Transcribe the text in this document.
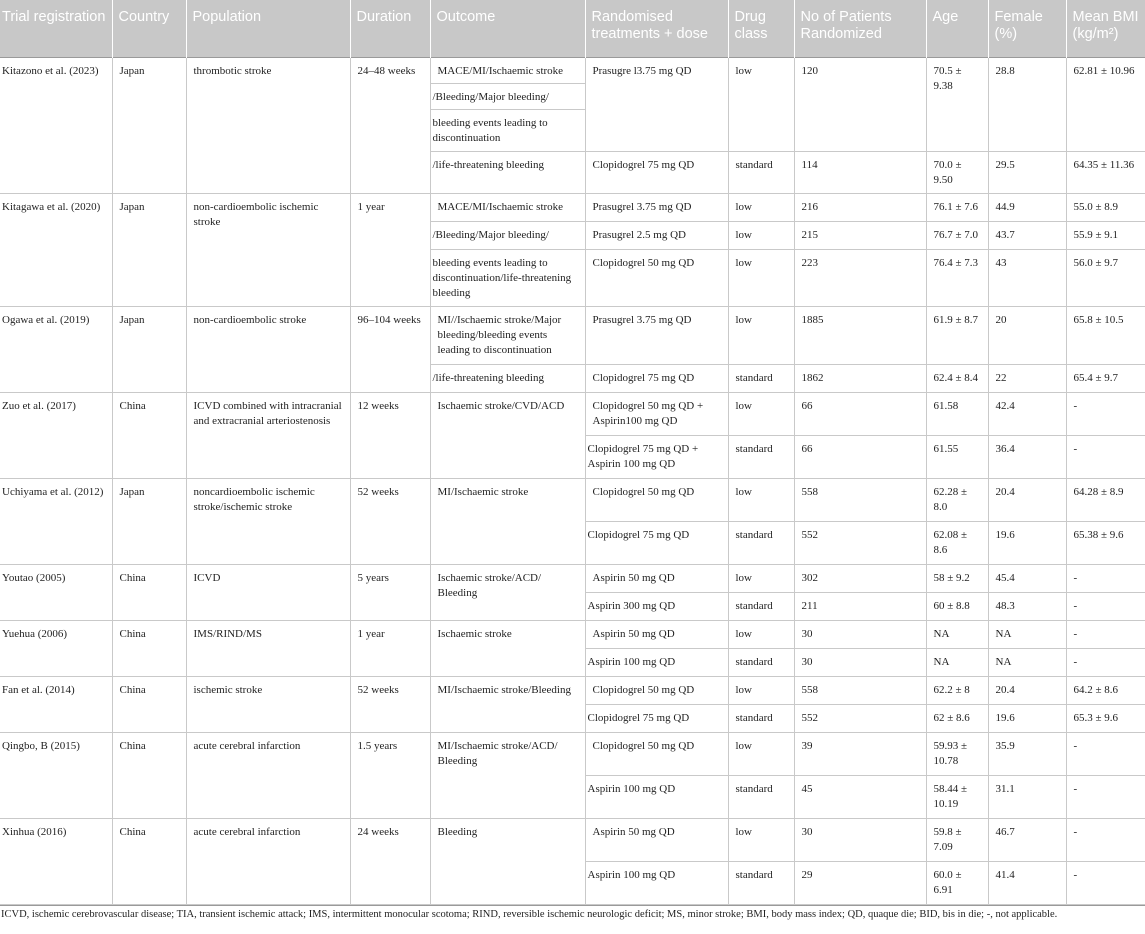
Trial registration	Country	Population	Duration	Outcome	Randomised treatments + dose	Drug class	No of Patients Randomized	Age	Female (%)	Mean BMI (kg/m²)
Kitazono et al. (2023)	Japan	thrombotic stroke	24–48 weeks	MACE/MI/Ischaemic stroke	Prasugre l3.75 mg QD	low	120	70.5 ± 9.38	28.8	62.81 ± 10.96
				/Bleeding/Major bleeding/						
				bleeding events leading to discontinuation						
				/life-threatening bleeding	Clopidogrel 75 mg QD	standard	114	70.0 ± 9.50	29.5	64.35 ± 11.36
Kitagawa et al. (2020)	Japan	non-cardioembolic ischemic stroke	1 year	MACE/MI/Ischaemic stroke	Prasugrel 3.75 mg QD	low	216	76.1 ± 7.6	44.9	55.0 ± 8.9
				/Bleeding/Major bleeding/	Prasugrel 2.5 mg QD	low	215	76.7 ± 7.0	43.7	55.9 ± 9.1
				bleeding events leading to discontinuation/life-threatening bleeding	Clopidogrel 50 mg QD	low	223	76.4 ± 7.3	43	56.0 ± 9.7
Ogawa et al. (2019)	Japan	non-cardioembolic stroke	96–104 weeks	MI//Ischaemic stroke/Major bleeding/bleeding events leading to discontinuation	Prasugrel 3.75 mg QD	low	1885	61.9 ± 8.7	20	65.8 ± 10.5
				/life-threatening bleeding	Clopidogrel 75 mg QD	standard	1862	62.4 ± 8.4	22	65.4 ± 9.7
Zuo et al. (2017)	China	ICVD combined with intracranial and extracranial arteriostenosis	12 weeks	Ischaemic stroke/CVD/ACD	Clopidogrel 50 mg QD + Aspirin100 mg QD	low	66	61.58	42.4	-
					Clopidogrel 75 mg QD + Aspirin 100 mg QD	standard	66	61.55	36.4	-
Uchiyama et al. (2012)	Japan	noncardioembolic ischemic stroke/ischemic stroke	52 weeks	MI/Ischaemic stroke	Clopidogrel 50 mg QD	low	558	62.28 ± 8.0	20.4	64.28 ± 8.9
					Clopidogrel 75 mg QD	standard	552	62.08 ± 8.6	19.6	65.38 ± 9.6
Youtao (2005)	China	ICVD	5 years	Ischaemic stroke/ACD/ Bleeding	Aspirin 50 mg QD	low	302	58 ± 9.2	45.4	-
					Aspirin 300 mg QD	standard	211	60 ± 8.8	48.3	-
Yuehua (2006)	China	IMS/RIND/MS	1 year	Ischaemic stroke	Aspirin 50 mg QD	low	30	NA	NA	-
					Aspirin 100 mg QD	standard	30	NA	NA	-
Fan et al. (2014)	China	ischemic stroke	52 weeks	MI/Ischaemic stroke/Bleeding	Clopidogrel 50 mg QD	low	558	62.2 ± 8	20.4	64.2 ± 8.6
					Clopidogrel 75 mg QD	standard	552	62 ± 8.6	19.6	65.3 ± 9.6
Qingbo, B (2015)	China	acute cerebral infarction	1.5 years	MI/Ischaemic stroke/ACD/ Bleeding	Clopidogrel 50 mg QD	low	39	59.93 ± 10.78	35.9	-
					Aspirin 100 mg QD	standard	45	58.44 ± 10.19	31.1	-
Xinhua (2016)	China	acute cerebral infarction	24 weeks	Bleeding	Aspirin 50 mg QD	low	30	59.8 ± 7.09	46.7	-
					Aspirin 100 mg QD	standard	29	60.0 ± 6.91	41.4	-
ICVD, ischemic cerebrovascular disease; TIA, transient ischemic attack; IMS, intermittent monocular scotoma; RIND, reversible ischemic neurologic deficit; MS, minor stroke; BMI, body mass index; QD, quaque die; BID, bis in die; -, not applicable.
